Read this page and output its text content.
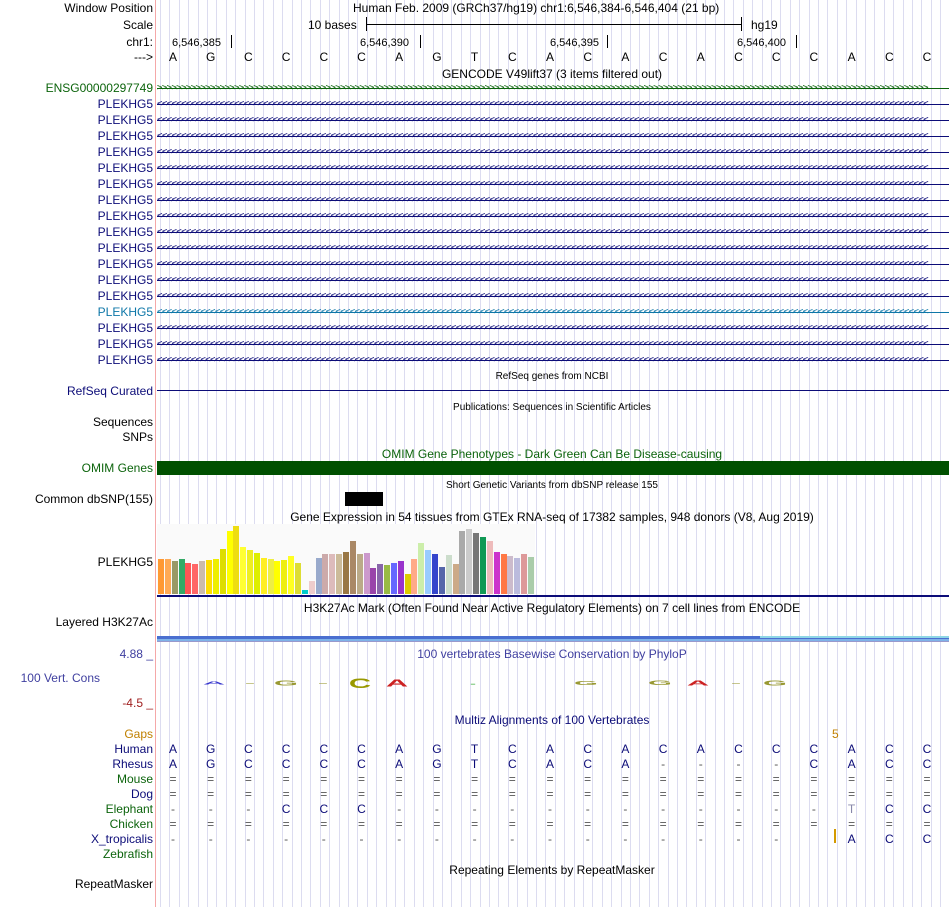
Window Position	Human Feb. 2009 (GRCh37/hg19) chr1:6,546,384-6,546,404 (21 bp)
Scale	10 bases	hg19
chr1: 6,546,385	6,546,390	6,546,395	6,546,400
---> A G C C C C A G T C A C A C A C C C A C C
GENCODE V49lift37 (3 items filtered out)
ENSG00000297749 >>>>>>>>>>>>>>>>>>>>>>>>>>>>>>>>>>>>>>>>>>>>>>>>>>>>>>>>>>>>>>>>>>>>>>>>>>>>>>>>>>>>>>>>>>>>>>>>>>>>>>>>>>>>>>>>>>>>>>>>>>>>>>>>>>>>>>>>>>>>>>>>>>>>>>>>>>>>>>>>
PLEKHG5 <<<<<<<<<<<<<<<<<<<<<<<<<<<<<<<<<<<<<<<<<<<<<<<<<<<<<<<<<<<<<<<<<<<<<<<<<<<<<<<<<<<<<<<<<<<<<<<<<<<<<<<<<<<<<<<<<<<<<<<<<<<<<<<<<<<<<<<<<<<<<<<<<<<<<<<<<<<<<<<<
PLEKHG5 <<<<<<<<<<<<<<<<<<<<<<<<<<<<<<<<<<<<<<<<<<<<<<<<<<<<<<<<<<<<<<<<<<<<<<<<<<<<<<<<<<<<<<<<<<<<<<<<<<<<<<<<<<<<<<<<<<<<<<<<<<<<<<<<<<<<<<<<<<<<<<<<<<<<<<<<<<<<<<<<
PLEKHG5 <<<<<<<<<<<<<<<<<<<<<<<<<<<<<<<<<<<<<<<<<<<<<<<<<<<<<<<<<<<<<<<<<<<<<<<<<<<<<<<<<<<<<<<<<<<<<<<<<<<<<<<<<<<<<<<<<<<<<<<<<<<<<<<<<<<<<<<<<<<<<<<<<<<<<<<<<<<<<<<<
PLEKHG5 <<<<<<<<<<<<<<<<<<<<<<<<<<<<<<<<<<<<<<<<<<<<<<<<<<<<<<<<<<<<<<<<<<<<<<<<<<<<<<<<<<<<<<<<<<<<<<<<<<<<<<<<<<<<<<<<<<<<<<<<<<<<<<<<<<<<<<<<<<<<<<<<<<<<<<<<<<<<<<<<
PLEKHG5 <<<<<<<<<<<<<<<<<<<<<<<<<<<<<<<<<<<<<<<<<<<<<<<<<<<<<<<<<<<<<<<<<<<<<<<<<<<<<<<<<<<<<<<<<<<<<<<<<<<<<<<<<<<<<<<<<<<<<<<<<<<<<<<<<<<<<<<<<<<<<<<<<<<<<<<<<<<<<<<<
PLEKHG5 <<<<<<<<<<<<<<<<<<<<<<<<<<<<<<<<<<<<<<<<<<<<<<<<<<<<<<<<<<<<<<<<<<<<<<<<<<<<<<<<<<<<<<<<<<<<<<<<<<<<<<<<<<<<<<<<<<<<<<<<<<<<<<<<<<<<<<<<<<<<<<<<<<<<<<<<<<<<<<<<
PLEKHG5 <<<<<<<<<<<<<<<<<<<<<<<<<<<<<<<<<<<<<<<<<<<<<<<<<<<<<<<<<<<<<<<<<<<<<<<<<<<<<<<<<<<<<<<<<<<<<<<<<<<<<<<<<<<<<<<<<<<<<<<<<<<<<<<<<<<<<<<<<<<<<<<<<<<<<<<<<<<<<<<<
PLEKHG5 <<<<<<<<<<<<<<<<<<<<<<<<<<<<<<<<<<<<<<<<<<<<<<<<<<<<<<<<<<<<<<<<<<<<<<<<<<<<<<<<<<<<<<<<<<<<<<<<<<<<<<<<<<<<<<<<<<<<<<<<<<<<<<<<<<<<<<<<<<<<<<<<<<<<<<<<<<<<<<<<
PLEKHG5 <<<<<<<<<<<<<<<<<<<<<<<<<<<<<<<<<<<<<<<<<<<<<<<<<<<<<<<<<<<<<<<<<<<<<<<<<<<<<<<<<<<<<<<<<<<<<<<<<<<<<<<<<<<<<<<<<<<<<<<<<<<<<<<<<<<<<<<<<<<<<<<<<<<<<<<<<<<<<<<<
PLEKHG5 <<<<<<<<<<<<<<<<<<<<<<<<<<<<<<<<<<<<<<<<<<<<<<<<<<<<<<<<<<<<<<<<<<<<<<<<<<<<<<<<<<<<<<<<<<<<<<<<<<<<<<<<<<<<<<<<<<<<<<<<<<<<<<<<<<<<<<<<<<<<<<<<<<<<<<<<<<<<<<<<
PLEKHG5 <<<<<<<<<<<<<<<<<<<<<<<<<<<<<<<<<<<<<<<<<<<<<<<<<<<<<<<<<<<<<<<<<<<<<<<<<<<<<<<<<<<<<<<<<<<<<<<<<<<<<<<<<<<<<<<<<<<<<<<<<<<<<<<<<<<<<<<<<<<<<<<<<<<<<<<<<<<<<<<<
PLEKHG5 <<<<<<<<<<<<<<<<<<<<<<<<<<<<<<<<<<<<<<<<<<<<<<<<<<<<<<<<<<<<<<<<<<<<<<<<<<<<<<<<<<<<<<<<<<<<<<<<<<<<<<<<<<<<<<<<<<<<<<<<<<<<<<<<<<<<<<<<<<<<<<<<<<<<<<<<<<<<<<<<
PLEKHG5 <<<<<<<<<<<<<<<<<<<<<<<<<<<<<<<<<<<<<<<<<<<<<<<<<<<<<<<<<<<<<<<<<<<<<<<<<<<<<<<<<<<<<<<<<<<<<<<<<<<<<<<<<<<<<<<<<<<<<<<<<<<<<<<<<<<<<<<<<<<<<<<<<<<<<<<<<<<<<<<<
PLEKHG5 <<<<<<<<<<<<<<<<<<<<<<<<<<<<<<<<<<<<<<<<<<<<<<<<<<<<<<<<<<<<<<<<<<<<<<<<<<<<<<<<<<<<<<<<<<<<<<<<<<<<<<<<<<<<<<<<<<<<<<<<<<<<<<<<<<<<<<<<<<<<<<<<<<<<<<<<<<<<<<<<
PLEKHG5 <<<<<<<<<<<<<<<<<<<<<<<<<<<<<<<<<<<<<<<<<<<<<<<<<<<<<<<<<<<<<<<<<<<<<<<<<<<<<<<<<<<<<<<<<<<<<<<<<<<<<<<<<<<<<<<<<<<<<<<<<<<<<<<<<<<<<<<<<<<<<<<<<<<<<<<<<<<<<<<<
PLEKHG5 <<<<<<<<<<<<<<<<<<<<<<<<<<<<<<<<<<<<<<<<<<<<<<<<<<<<<<<<<<<<<<<<<<<<<<<<<<<<<<<<<<<<<<<<<<<<<<<<<<<<<<<<<<<<<<<<<<<<<<<<<<<<<<<<<<<<<<<<<<<<<<<<<<<<<<<<<<<<<<<<
PLEKHG5 <<<<<<<<<<<<<<<<<<<<<<<<<<<<<<<<<<<<<<<<<<<<<<<<<<<<<<<<<<<<<<<<<<<<<<<<<<<<<<<<<<<<<<<<<<<<<<<<<<<<<<<<<<<<<<<<<<<<<<<<<<<<<<<<<<<<<<<<<<<<<<<<<<<<<<<<<<<<<<<<
RefSeq genes from NCBI
RefSeq Curated
Publications: Sequences in Scientific Articles
Sequences
SNPs
OMIM Gene Phenotypes - Dark Green Can Be Disease-causing
OMIM Genes
Short Genetic Variants from dbSNP release 155
Common dbSNP(155)
Gene Expression in 54 tissues from GTEx RNA-seq of 17382 samples, 948 donors (V8, Aug 2019)
PLEKHG5
H3K27Ac Mark (Often Found Near Active Regulatory Elements) on 7 cell lines from ENCODE
Layered H3K27Ac
100 vertebrates Basewise Conservation by PhyloP
4.88 _
100 Vert. Cons
-4.5 _
A	-	G	-	C	A	.	G	G	A	-	G
Multiz Alignments of 100 Vertebrates
Gaps	5
Human A G C C C C A G T C A C A C A C C C A C C
Rhesus A G C C C C A G T C A C A	-	-	-	-	C A C C
Mouse =	=	=	=	=	=	=	=	=	=	=	=	=	=	=	=	=	=	=	=	=
Dog =	=	=	=	=	=	=	=	=	=	=	=	=	=	=	=	=	=	=	=	=
Elephant	-	-	-	C C C	-	-	-	-	-	-	-	-	-	-	-	-	T C C
Chicken =	=	=	=	=	=	=	=	=	=	=	=	=	=	=	=	=	=	=	=	=
X_tropicalis	-	-	-	-	-	-	-	-	-	-	-	-	-	-	-	-	-	A C C
Zebrafish
Repeating Elements by RepeatMasker
RepeatMasker
